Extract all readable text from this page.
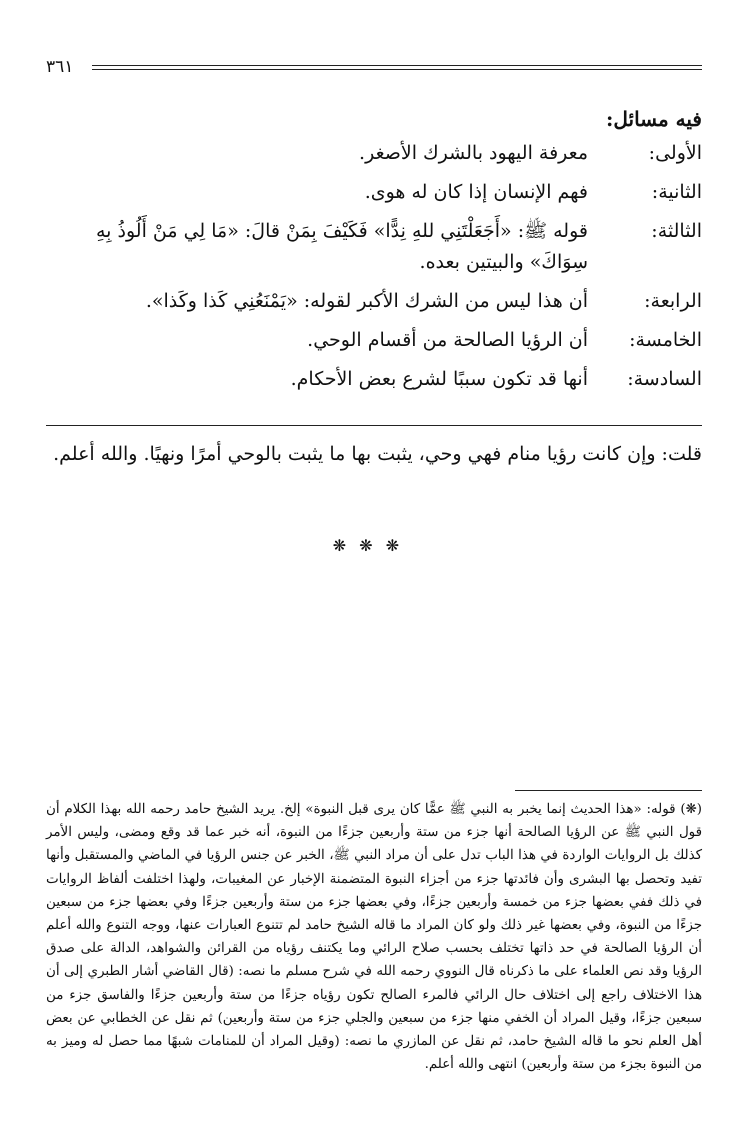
٣٦١
فيه مسائل:
الأولى:
معرفة اليهود بالشرك الأصغر.
الثانية:
فهم الإنسان إذا كان له هوى.
الثالثة:
قوله ﷺ: «أَجَعَلْتَنِي للهِ نِدًّا» فَكَيْفَ بِمَنْ قالَ: «مَا لِي مَنْ أَلُوذُ بِهِ سِوَاكَ» والبيتين بعده.
الرابعة:
أن هذا ليس من الشرك الأكبر لقوله: «يَمْنَعُنِي كَذا وكَذا».
الخامسة:
أن الرؤيا الصالحة من أقسام الوحي.
السادسة:
أنها قد تكون سببًا لشرع بعض الأحكام.
قلت: وإن كانت رؤيا منام فهي وحي، يثبت بها ما يثبت بالوحي أمرًا ونهيًا. والله أعلم.
❋ ❋ ❋
(❋) قوله: «هذا الحديث إنما يخبر به النبي ﷺ عمًّا كان يرى قبل النبوة» إلخ. يريد الشيخ حامد رحمه الله بهذا الكلام أن قول النبي ﷺ عن الرؤيا الصالحة أنها جزء من ستة وأربعين جزءًا من النبوة، أنه خبر عما قد وقع ومضى، وليس الأمر كذلك بل الروايات الواردة في هذا الباب تدل على أن مراد النبي ﷺ، الخبر عن جنس الرؤيا في الماضي والمستقبل وأنها تفيد وتحصل بها البشرى وأن فائدتها جزء من أجزاء النبوة المتضمنة الإخبار عن المغيبات، ولهذا اختلفت ألفاظ الروايات في ذلك ففي بعضها جزء من خمسة وأربعين جزءًا، وفي بعضها جزء من ستة وأربعين جزءًا وفي بعضها جزء من سبعين جزءًا من النبوة، وفي بعضها غير ذلك ولو كان المراد ما قاله الشيخ حامد لم تتنوع العبارات عنها، ووجه التنوع والله أعلم أن الرؤيا الصالحة في حد ذاتها تختلف بحسب صلاح الرائي وما يكتنف رؤياه من القرائن والشواهد، الدالة على صدق الرؤيا وقد نص العلماء على ما ذكرناه قال النووي رحمه الله في شرح مسلم ما نصه: (قال القاضي أشار الطبري إلى أن هذا الاختلاف راجع إلى اختلاف حال الرائي فالمرء الصالح تكون رؤياه جزءًا من ستة وأربعين جزءًا والفاسق جزء من سبعين جزءًا، وقيل المراد أن الخفي منها جزء من سبعين والجلي جزء من ستة وأربعين) ثم نقل عن الخطابي عن بعض أهل العلم نحو ما قاله الشيخ حامد، ثم نقل عن المازري ما نصه: (وقيل المراد أن للمنامات شبهًا مما حصل له وميز به من النبوة بجزء من ستة وأربعين) انتهى والله أعلم.
